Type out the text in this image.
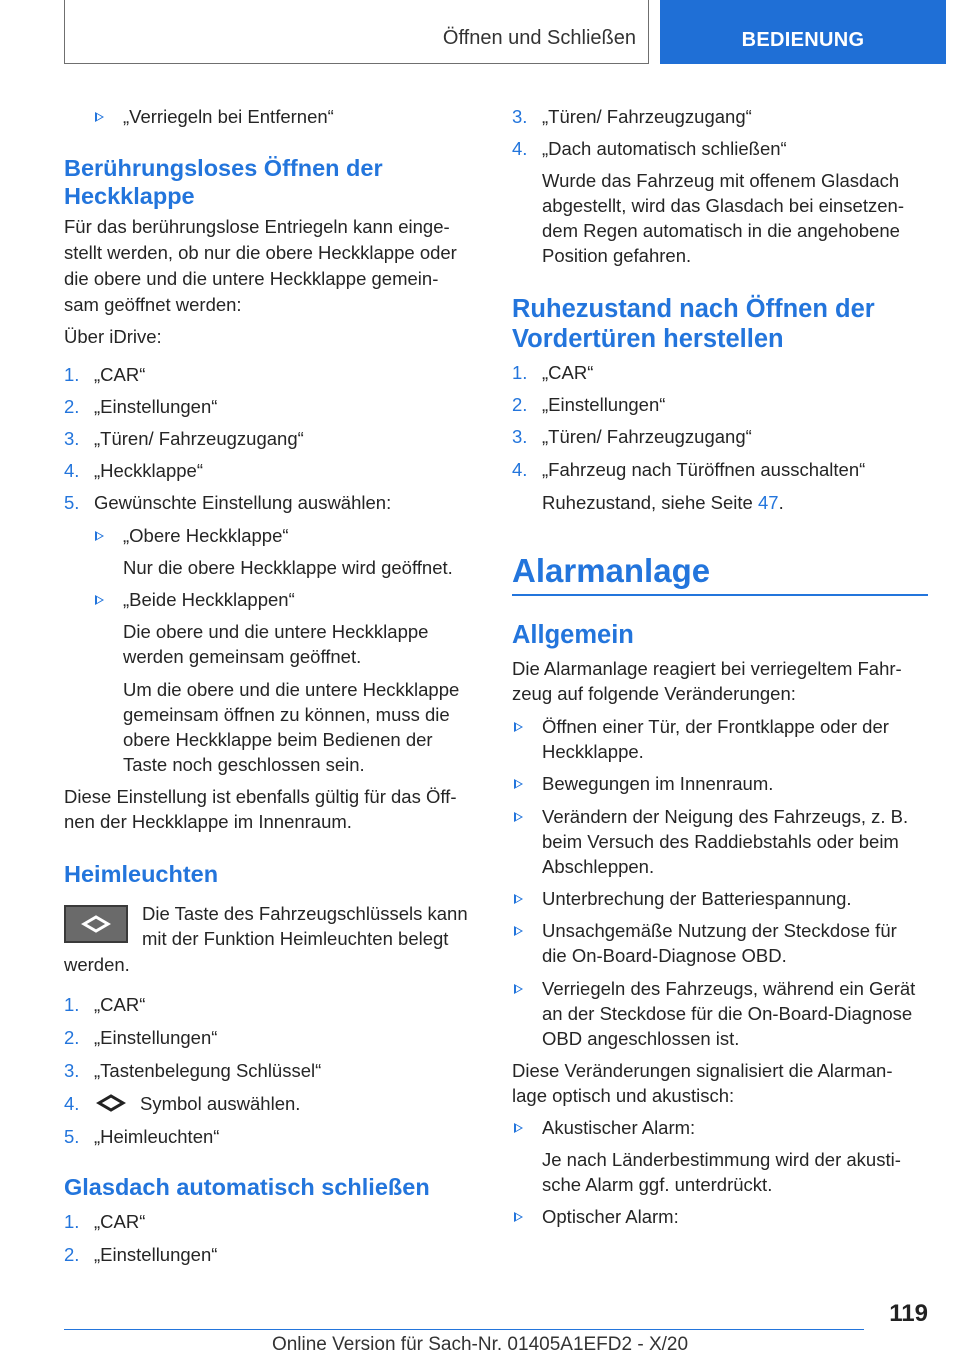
Öffnen und Schließen	BEDIENUNG
„Verriegeln bei Entfernen“
Berührungsloses Öffnen der
Heckklappe
Für das berührungslose Entriegeln kann einge-
stellt werden, ob nur die obere Heckklappe oder
die obere und die untere Heckklappe gemein-
sam geöffnet werden:
Über iDrive:
1. „CAR“
2. „Einstellungen“
3. „Türen/ Fahrzeugzugang“
4. „Heckklappe“
5. Gewünschte Einstellung auswählen:
„Obere Heckklappe“
Nur die obere Heckklappe wird geöffnet.
„Beide Heckklappen“
Die obere und die untere Heckklappe
werden gemeinsam geöffnet.
Um die obere und die untere Heckklappe
gemeinsam öffnen zu können, muss die
obere Heckklappe beim Bedienen der
Taste noch geschlossen sein.
Diese Einstellung ist ebenfalls gültig für das Öff-
nen der Heckklappe im Innenraum.
Heimleuchten
Die Taste des Fahrzeugschlüssels kann
mit der Funktion Heimleuchten belegt
werden.
1. „CAR“
2. „Einstellungen“
3. „Tastenbelegung Schlüssel“
4.	Symbol auswählen.
5. „Heimleuchten“
Glasdach automatisch schließen
1. „CAR“
2. „Einstellungen“
3. „Türen/ Fahrzeugzugang“
4. „Dach automatisch schließen“
Wurde das Fahrzeug mit offenem Glasdach
abgestellt, wird das Glasdach bei einsetzen-
dem Regen automatisch in die angehobene
Position gefahren.
Ruhezustand nach Öffnen der
Vordertüren herstellen
1. „CAR“
2. „Einstellungen“
3. „Türen/ Fahrzeugzugang“
4. „Fahrzeug nach Türöffnen ausschalten“
Ruhezustand, siehe Seite 47.
Alarmanlage
Allgemein
Die Alarmanlage reagiert bei verriegeltem Fahr-
zeug auf folgende Veränderungen:
Öffnen einer Tür, der Frontklappe oder der
Heckklappe.
Bewegungen im Innenraum.
Verändern der Neigung des Fahrzeugs, z. B.
beim Versuch des Raddiebstahls oder beim
Abschleppen.
Unterbrechung der Batteriespannung.
Unsachgemäße Nutzung der Steckdose für
die On-Board-Diagnose OBD.
Verriegeln des Fahrzeugs, während ein Gerät
an der Steckdose für die On-Board-Diagnose
OBD angeschlossen ist.
Diese Veränderungen signalisiert die Alarman-
lage optisch und akustisch:
Akustischer Alarm:
Je nach Länderbestimmung wird der akusti-
sche Alarm ggf. unterdrückt.
Optischer Alarm:
119
Online Version für Sach-Nr. 01405A1EFD2 - X/20
